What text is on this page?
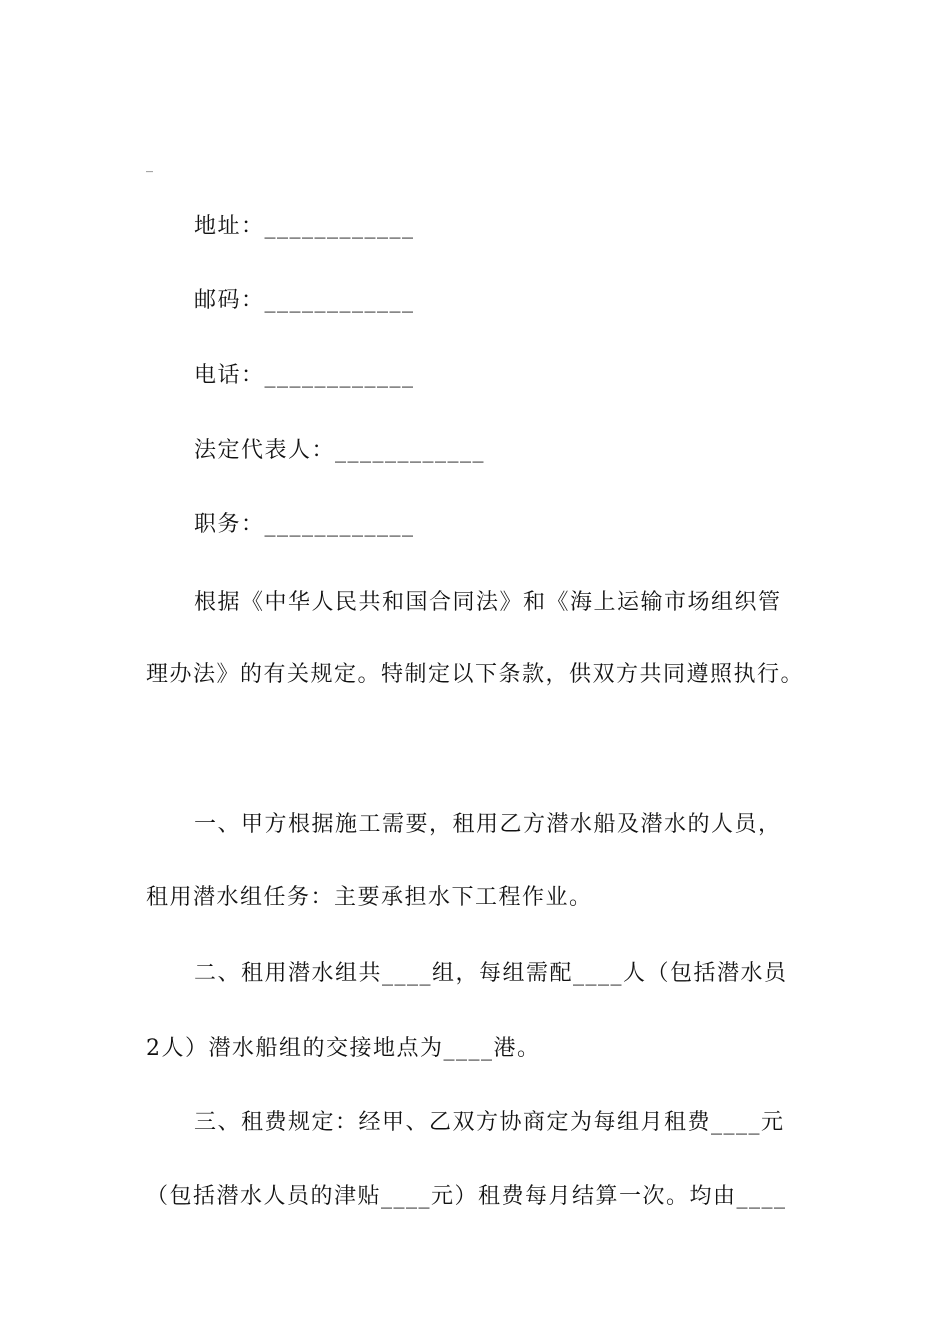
_
地址：____________
邮码：____________
电话：____________
法定代表人：____________
职务：____________
根据《中华人民共和国合同法》和《海上运输市场组织管
理办法》的有关规定。特制定以下条款，供双方共同遵照执行。
一、甲方根据施工需要，租用乙方潜水船及潜水的人员，
租用潜水组任务：主要承担水下工程作业。
二、租用潜水组共____组，每组需配____人（包括潜水员
2人）潜水船组的交接地点为____港。
三、租费规定：经甲、乙双方协商定为每组月租费____元
（包括潜水人员的津贴____元）租费每月结算一次。均由____
